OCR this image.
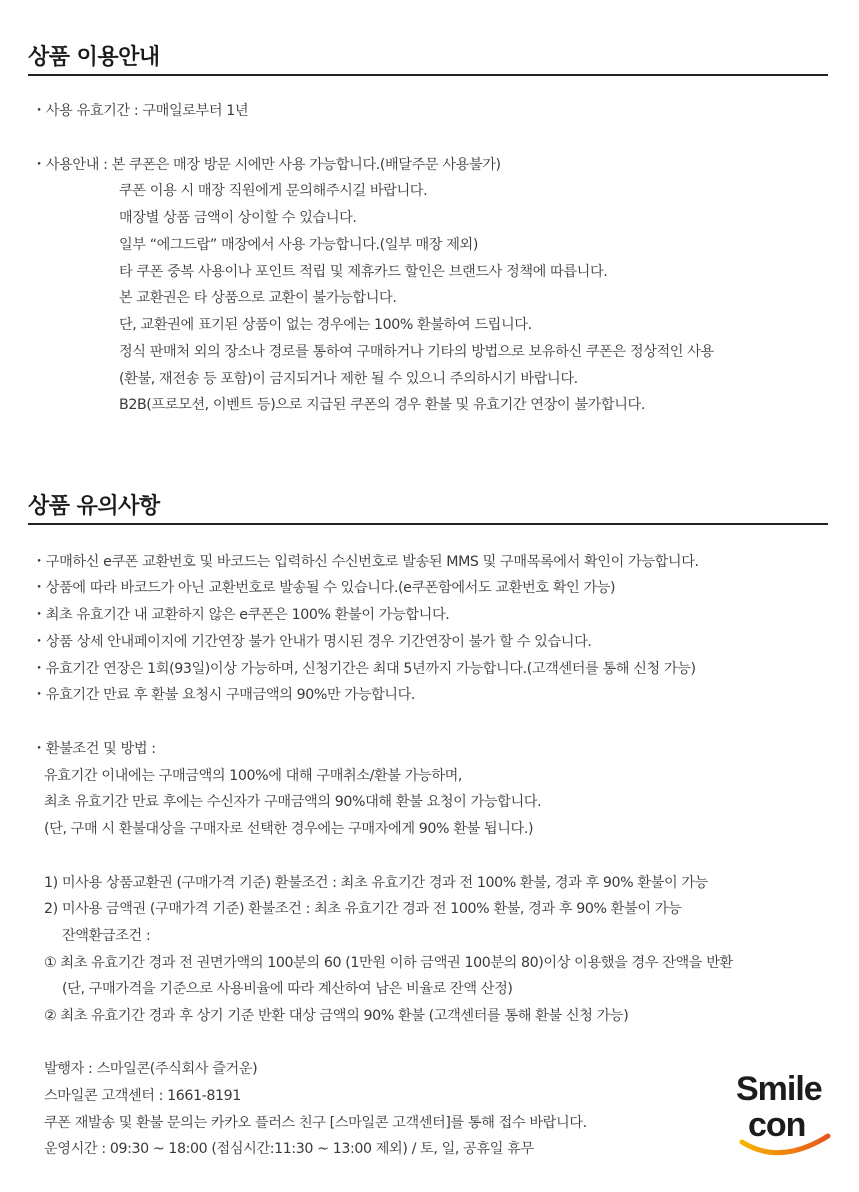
상품 이용안내
・사용 유효기간 : 구매일로부터 1년
・사용안내 : 본 쿠폰은 매장 방문 시에만 사용 가능합니다.(배달주문 사용불가)
쿠폰 이용 시 매장 직원에게 문의해주시길 바랍니다.
매장별 상품 금액이 상이할 수 있습니다.
일부 “에그드랍” 매장에서 사용 가능합니다.(일부 매장 제외)
타 쿠폰 중복 사용이나 포인트 적립 및 제휴카드 할인은 브랜드사 정책에 따릅니다.
본 교환권은 타 상품으로 교환이 불가능합니다.
단, 교환권에 표기된 상품이 없는 경우에는 100% 환불하여 드립니다.
정식 판매처 외의 장소나 경로를 통하여 구매하거나 기타의 방법으로 보유하신 쿠폰은 정상적인 사용
(환불, 재전송 등 포함)이 금지되거나 제한 될 수 있으니 주의하시기 바랍니다.
B2B(프로모션, 이벤트 등)으로 지급된 쿠폰의 경우 환불 및 유효기간 연장이 불가합니다.
상품 유의사항
・구매하신 e쿠폰 교환번호 및 바코드는 입력하신 수신번호로 발송된 MMS 및 구매목록에서 확인이 가능합니다.
・상품에 따라 바코드가 아닌 교환번호로 발송될 수 있습니다.(e쿠폰함에서도 교환번호 확인 가능)
・최초 유효기간 내 교환하지 않은 e쿠폰은 100% 환불이 가능합니다.
・상품 상세 안내페이지에 기간연장 불가 안내가 명시된 경우 기간연장이 불가 할 수 있습니다.
・유효기간 연장은 1회(93일)이상 가능하며, 신청기간은 최대 5년까지 가능합니다.(고객센터를 통해 신청 가능)
・유효기간 만료 후 환불 요청시 구매금액의 90%만 가능합니다.
・환불조건 및 방법 :
유효기간 이내에는 구매금액의 100%에 대해 구매취소/환불 가능하며,
최초 유효기간 만료 후에는 수신자가 구매금액의 90%대해 환불 요청이 가능합니다.
(단, 구매 시 환불대상을 구매자로 선택한 경우에는 구매자에게 90% 환불 됩니다.)
1) 미사용 상품교환권 (구매가격 기준) 환불조건 : 최초 유효기간 경과 전 100% 환불, 경과 후 90% 환불이 가능
2) 미사용 금액권 (구매가격 기준) 환불조건 : 최초 유효기간 경과 전 100% 환불, 경과 후 90% 환불이 가능
잔액환급조건 :
① 최초 유효기간 경과 전 권면가액의 100분의 60 (1만원 이하 금액권 100분의 80)이상 이용했을 경우 잔액을 반환
(단, 구매가격을 기준으로 사용비율에 따라 계산하여 남은 비율로 잔액 산정)
② 최초 유효기간 경과 후 상기 기준 반환 대상 금액의 90% 환불 (고객센터를 통해 환불 신청 가능)
발행자 : 스마일콘(주식회사 즐거운)
스마일콘 고객센터 : 1661-8191
쿠폰 재발송 및 환불 문의는 카카오 플러스 친구 [스마일콘 고객센터]를 통해 접수 바랍니다.
운영시간 : 09:30 ~ 18:00 (점심시간:11:30 ~ 13:00 제외) / 토, 일, 공휴일 휴무
Smile
con
